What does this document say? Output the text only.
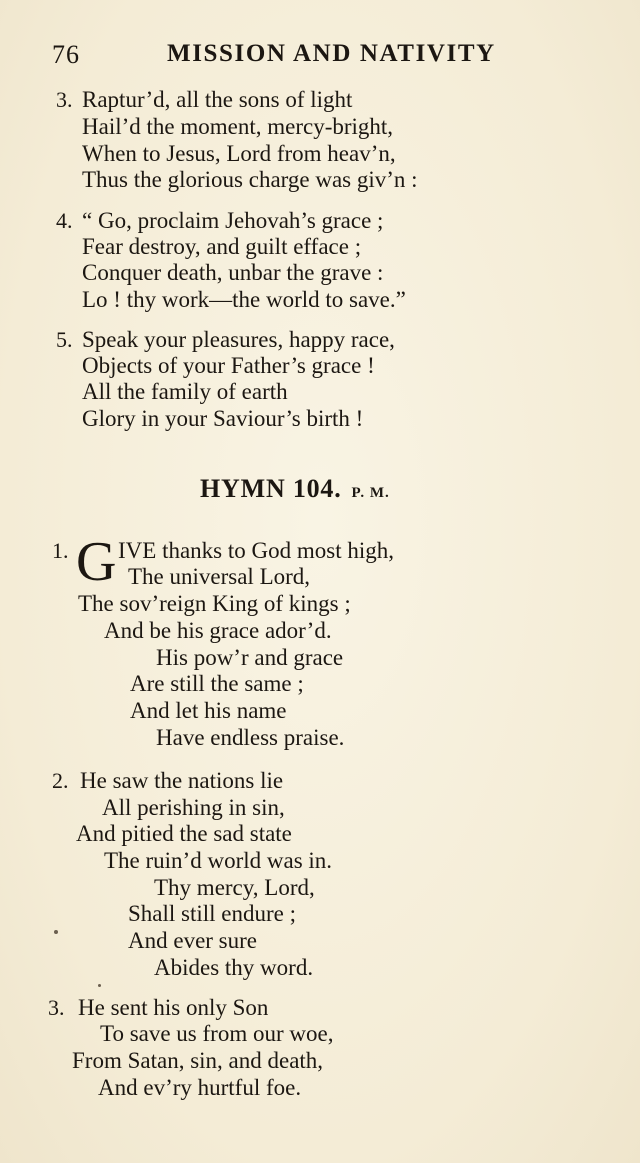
76	MISSION AND NATIVITY
3. Raptur’d, all the sons of light
Hail’d the moment, mercy-bright,
When to Jesus, Lord from heav’n,
Thus the glorious charge was giv’n :
4. “ Go, proclaim Jehovah’s grace ;
Fear destroy, and guilt efface ;
Conquer death, unbar the grave :
Lo ! thy work—the world to save.”
5. Speak your pleasures, happy race,
Objects of your Father’s grace !
All the family of earth
Glory in your Saviour’s birth !
HYMN 104. P. M.
1. G IVE thanks to God most high,
The universal Lord,
The sov’reign King of kings ;
And be his grace ador’d.
His pow’r and grace
Are still the same ;
And let his name
Have endless praise.
2. He saw the nations lie
All perishing in sin,
And pitied the sad state
The ruin’d world was in.
Thy mercy, Lord,
Shall still endure ;
And ever sure
Abides thy word.
3. He sent his only Son
To save us from our woe,
From Satan, sin, and death,
And ev’ry hurtful foe.
